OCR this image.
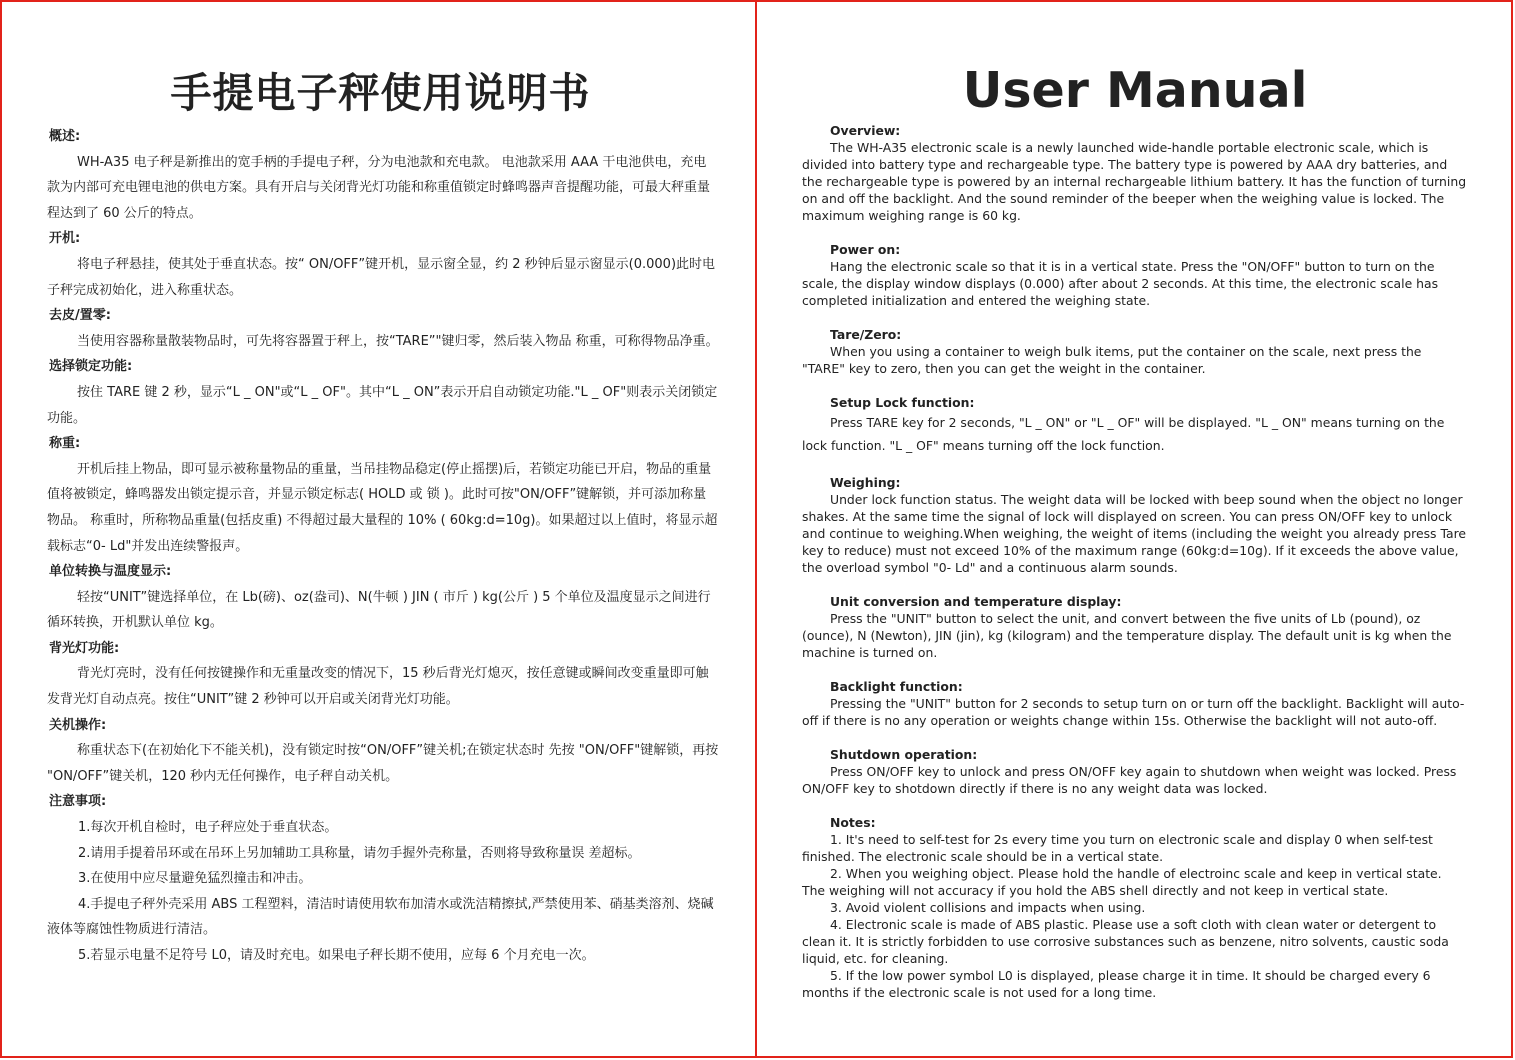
手提电子秤使用说明书
概述:
WH-A35 电子秤是新推出的宽手柄的手提电子秤，分为电池款和充电款。 电池款采用 AAA 干电池供电，充电款为内部可充电锂电池的供电方案。具有开启与关闭背光灯功能和称重值锁定时蜂鸣器声音提醒功能，可最大秤重量程达到了 60 公斤的特点。
开机:
将电子秤悬挂，使其处于垂直状态。按“ ON/OFF”键开机，显示窗全显，约 2 秒钟后显示窗显示(0.000)此时电子秤完成初始化，进入称重状态。
去皮/置零:
当使用容器称量散装物品时，可先将容器置于秤上，按“TARE”"键归零，然后装入物品 称重，可称得物品净重。
选择锁定功能:
按住 TARE 键 2 秒，显示“L _ ON"或“L _ OF"。其中“L _ ON”表示开启自动锁定功能."L _ OF"则表示关闭锁定功能。
称重:
开机后挂上物品，即可显示被称量物品的重量，当吊挂物品稳定(停止摇摆)后，若锁定功能已开启，物品的重量值将被锁定，蜂鸣器发出锁定提示音，并显示锁定标志( HOLD 或 锁 )。此时可按"ON/OFF”键解锁，并可添加称量物品。 称重时，所称物品重量(包括皮重) 不得超过最大量程的 10% ( 60kg:d=10g)。如果超过以上值时，将显示超载标志“0- Ld"并发出连续警报声。
单位转换与温度显示:
轻按“UNIT”键选择单位，在 Lb(磅)、oz(盎司)、N(牛顿 ) JIN ( 市斤 ) kg(公斤 ) 5 个单位及温度显示之间进行循环转换，开机默认单位 kg。
背光灯功能:
背光灯亮时，没有任何按键操作和无重量改变的情况下，15 秒后背光灯熄灭，按任意键或瞬间改变重量即可触发背光灯自动点亮。按住“UNIT”键 2 秒钟可以开启或关闭背光灯功能。
关机操作:
称重状态下(在初始化下不能关机)，没有锁定时按“ON/OFF”键关机;在锁定状态时 先按 "ON/OFF"键解锁，再按 "ON/OFF”键关机，120 秒内无任何操作，电子秤自动关机。
注意事项:
1.每次开机自检时，电子秤应处于垂直状态。
2.请用手提着吊环或在吊环上另加辅助工具称量，请勿手握外壳称量，否则将导致称量误 差超标。
3.在使用中应尽量避免猛烈撞击和冲击。
4.手提电子秤外壳采用 ABS 工程塑料，清洁时请使用软布加清水或洗洁精擦拭,严禁使用苯、硝基类溶剂、烧碱液体等腐蚀性物质进行清洁。
5.若显示电量不足符号 L0，请及时充电。如果电子秤长期不使用，应每 6 个月充电一次。
User Manual
Overview:
The WH-A35 electronic scale is a newly launched wide-handle portable electronic scale, which is divided into battery type and rechargeable type. The battery type is powered by AAA dry batteries, and the rechargeable type is powered by an internal rechargeable lithium battery. It has the function of turning on and off the backlight. And the sound reminder of the beeper when the weighing value is locked. The maximum weighing range is 60 kg.
Power on:
Hang the electronic scale so that it is in a vertical state. Press the "ON/OFF" button to turn on the scale, the display window displays (0.000) after about 2 seconds. At this time, the electronic scale has completed initialization and entered the weighing state.
Tare/Zero:
When you using a container to weigh bulk items, put the container on the scale, next press the "TARE" key to zero, then you can get the weight in the container.
Setup Lock function:
Press TARE key for 2 seconds, "L _ ON" or "L _ OF" will be displayed. "L _ ON" means turning on the lock function. "L _ OF" means turning off the lock function.
Weighing:
Under lock function status. The weight data will be locked with beep sound when the object no longer shakes. At the same time the signal of lock will displayed on screen. You can press ON/OFF key to unlock and continue to weighing.When weighing, the weight of items (including the weight you already press Tare key to reduce) must not exceed 10% of the maximum range (60kg:d=10g). If it exceeds the above value, the overload symbol "0- Ld" and a continuous alarm sounds.
Unit conversion and temperature display:
Press the "UNIT" button to select the unit, and convert between the five units of Lb (pound), oz (ounce), N (Newton), JIN (jin), kg (kilogram) and the temperature display. The default unit is kg when the machine is turned on.
Backlight function:
Pressing the "UNIT" button for 2 seconds to setup turn on or turn off the backlight. Backlight will auto-off if there is no any operation or weights change within 15s. Otherwise the backlight will not auto-off.
Shutdown operation:
Press ON/OFF key to unlock and press ON/OFF key again to shutdown when weight was locked. Press ON/OFF key to shotdown directly if there is no any weight data was locked.
Notes:
1. It's need to self-test for 2s every time you turn on electronic scale and display 0 when self-test finished. The electronic scale should be in a vertical state.
2. When you weighing object. Please hold the handle of electroinc scale and keep in vertical state. The weighing will not accuracy if you hold the ABS shell directly and not keep in vertical state.
3. Avoid violent collisions and impacts when using.
4. Electronic scale is made of ABS plastic. Please use a soft cloth with clean water or detergent to clean it. It is strictly forbidden to use corrosive substances such as benzene, nitro solvents, caustic soda liquid, etc. for cleaning.
5. If the low power symbol L0 is displayed, please charge it in time. It should be charged every 6 months if the electronic scale is not used for a long time.
